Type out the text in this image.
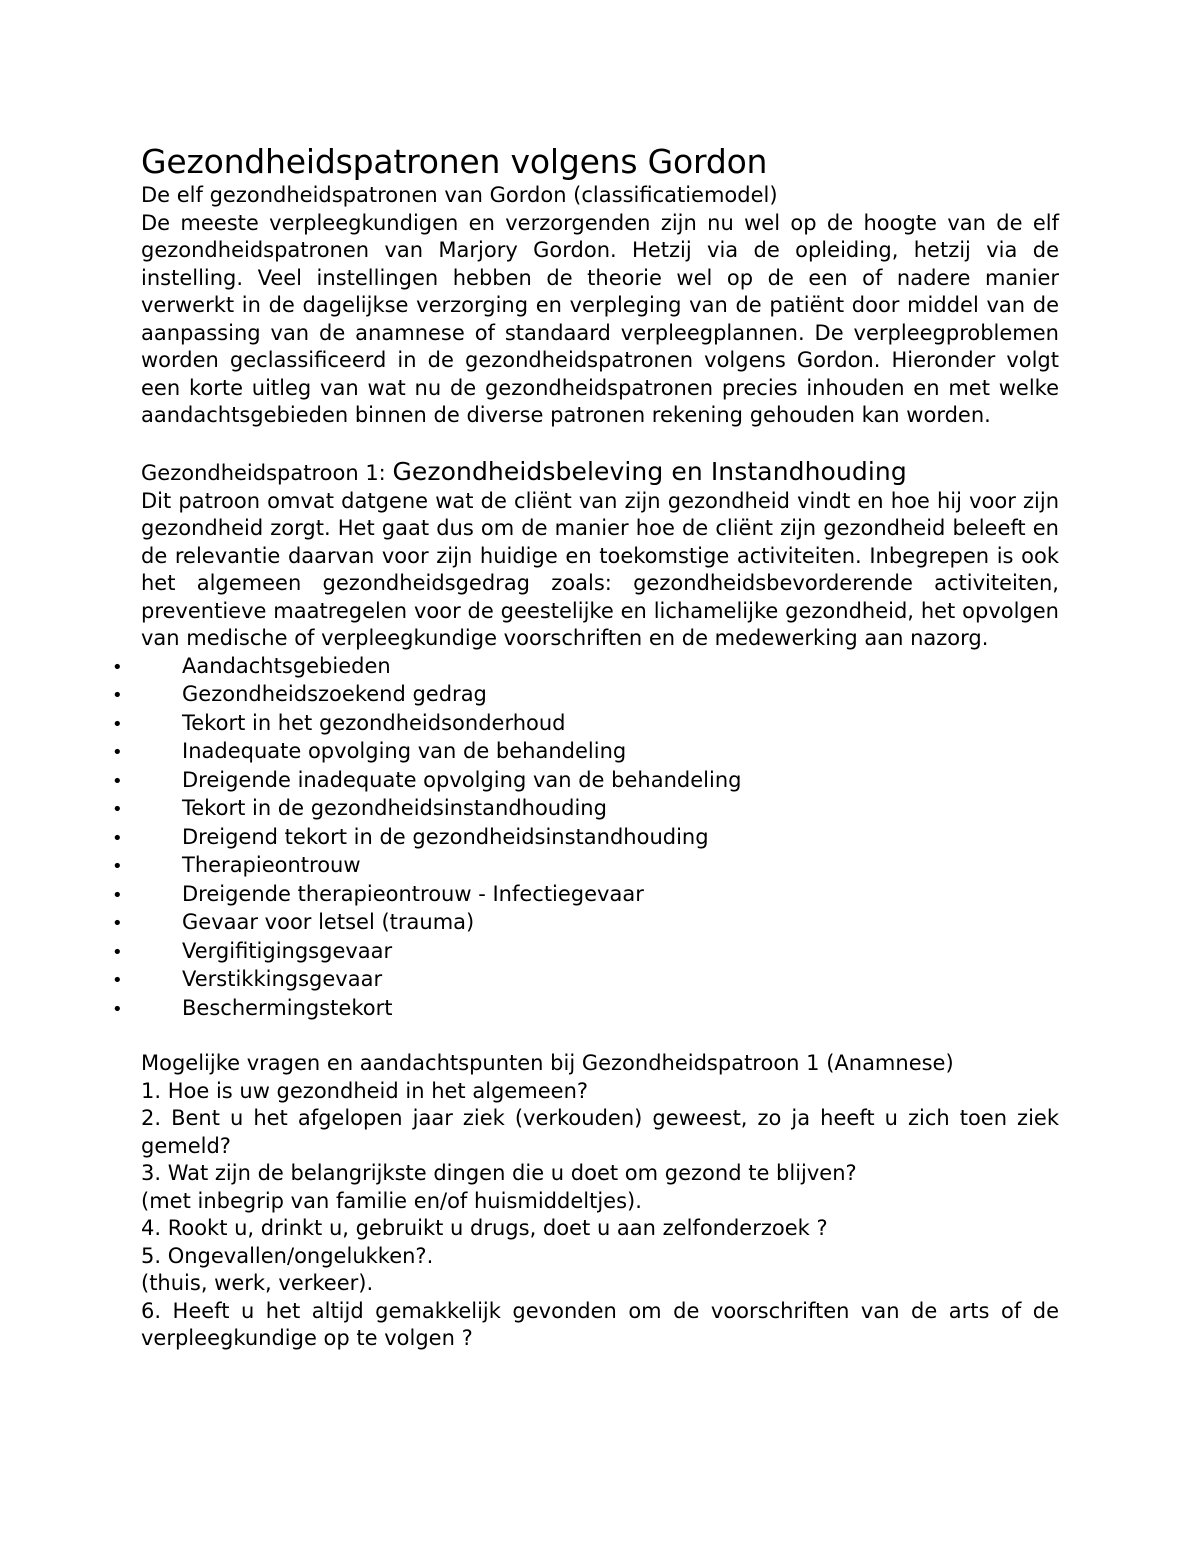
Gezondheidspatronen volgens Gordon

De elf gezondheidspatronen van Gordon (classificatiemodel)

De meeste verpleegkundigen en verzorgenden zijn nu wel op de hoogte van de elf gezondheidspatronen van Marjory Gordon. Hetzij via de opleiding, hetzij via de instelling. Veel instellingen hebben de theorie wel op de een of nadere manier verwerkt in de dagelijkse verzorging en verpleging van de patiënt door middel van de aanpassing van de anamnese of standaard verpleegplannen. De verpleegproblemen worden geclassificeerd in de gezondheidspatronen volgens Gordon. Hieronder volgt een korte uitleg van wat nu de gezondheidspatronen precies inhouden en met welke aandachtsgebieden binnen de diverse patronen rekening gehouden kan worden.

Gezondheidspatroon 1: Gezondheidsbeleving en Instandhouding

Dit patroon omvat datgene wat de cliënt van zijn gezondheid vindt en hoe hij voor zijn gezondheid zorgt. Het gaat dus om de manier hoe de cliënt zijn gezondheid beleeft en de relevantie daarvan voor zijn huidige en toekomstige activiteiten. Inbegrepen is ook het algemeen gezondheidsgedrag zoals: gezondheidsbevorderende activiteiten, preventieve maatregelen voor de geestelijke en lichamelijke gezondheid, het opvolgen van medische of verpleegkundige voorschriften en de medewerking aan nazorg.

•	Aandachtsgebieden
•	Gezondheidszoekend gedrag
•	Tekort in het gezondheidsonderhoud
•	Inadequate opvolging van de behandeling
•	Dreigende inadequate opvolging van de behandeling
•	Tekort in de gezondheidsinstandhouding
•	Dreigend tekort in de gezondheidsinstandhouding
•	Therapieontrouw
•	Dreigende therapieontrouw - Infectiegevaar
•	Gevaar voor letsel (trauma)
•	Vergifitigingsgevaar
•	Verstikkingsgevaar
•	Beschermingstekort

Mogelijke vragen en aandachtspunten bij Gezondheidspatroon 1 (Anamnese)

1. Hoe is uw gezondheid in het algemeen?

2. Bent u het afgelopen jaar ziek (verkouden) geweest, zo ja heeft u zich toen ziek gemeld?

3. Wat zijn de belangrijkste dingen die u doet om gezond te blijven?

(met inbegrip van familie en/of huismiddeltjes).

4. Rookt u, drinkt u, gebruikt u drugs, doet u aan zelfonderzoek ?

5. Ongevallen/ongelukken?.

(thuis, werk, verkeer).

6. Heeft u het altijd gemakkelijk gevonden om de voorschriften van de arts of de verpleegkundige op te volgen ?
